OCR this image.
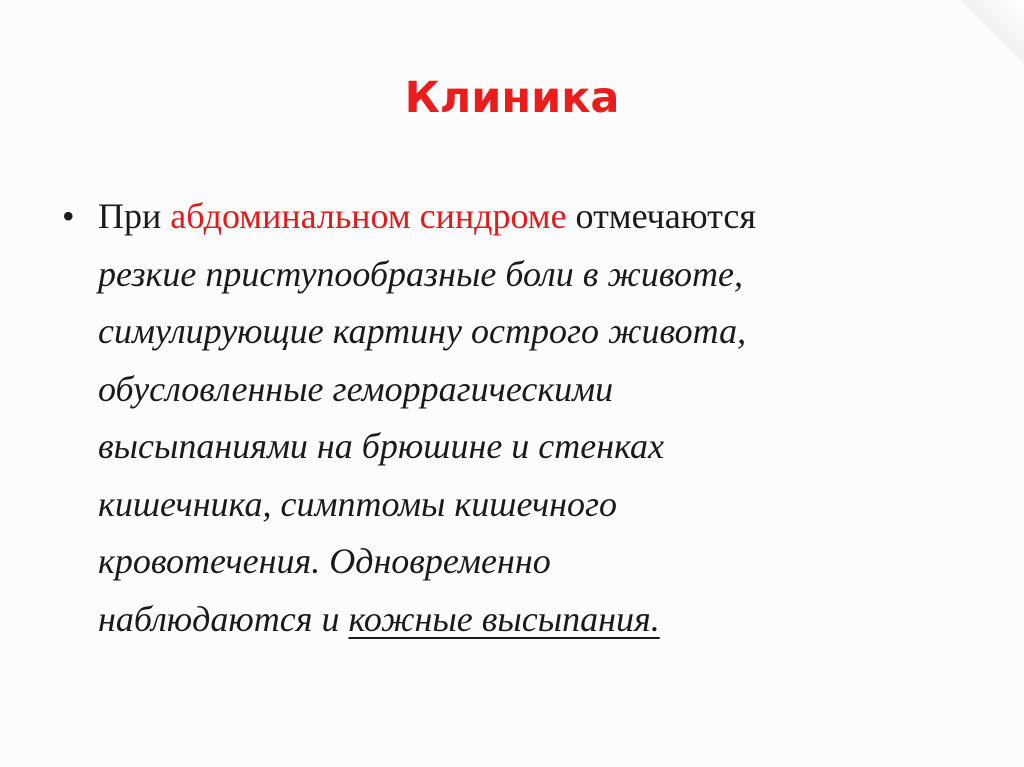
Клиника
• При абдоминальном синдроме отмечаются
резкие приступообразные боли в животе,
симулирующие картину острого живота,
обусловленные геморрагическими
высыпаниями на брюшине и стенках
кишечника, симптомы кишечного
кровотечения. Одновременно
наблюдаются и кожные высыпания.
